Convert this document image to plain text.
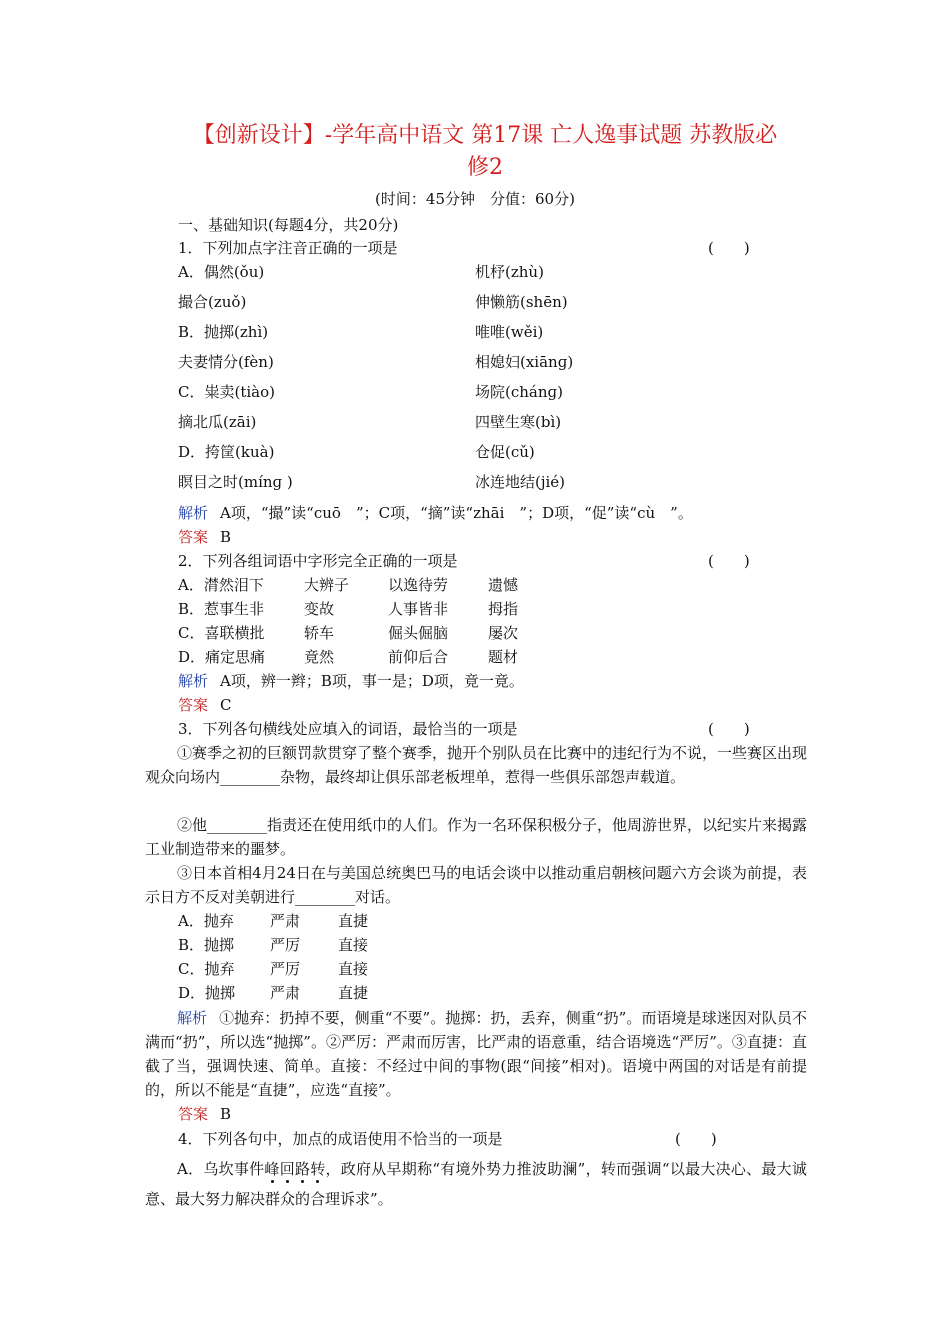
【创新设计】-学年高中语文 第17课 亡人逸事试题 苏教版必
修2
(时间：45分钟　分值：60分)
一、基础知识(每题4分，共20分)
1．下列加点字注音正确的一项是	(　　)
A．偶然(ǒu)	机杼(zhù)
撮合(zuǒ)	伸懒筋(shēn)
B．抛掷(zhì)	唯唯(wěi)
夫妻情分(fèn)	相媳妇(xiānɡ)
C．粜卖(tiào)	场院(chánɡ)
摘北瓜(zāi)	四壁生寒(bì)
D．挎筐(kuà)	仓促(cǔ)
瞑目之时(mínɡ )	冰连地结(jié)
解析 A项，“撮”读“cuō　”；C项，“摘”读“zhāi　”；D项，“促”读“cù　”。
答案 B
2．下列各组词语中字形完全正确的一项是	(　　)
A．潸然泪下	大辨子	以逸待劳	遗憾
B．惹事生非	变故	人事皆非	拇指
C．喜联横批	轿车	倔头倔脑	屡次
D．痛定思痛	竟然	前仰后合	题材
解析 A项，辨一辫；B项，事一是；D项，竟一竟。
答案 C
3．下列各句横线处应填入的词语，最恰当的一项是	(　　)
①赛季之初的巨额罚款贯穿了整个赛季，抛开个别队员在比赛中的违纪行为不说，一些赛区出现观众向场内________杂物，最终却让俱乐部老板埋单，惹得一些俱乐部怨声载道。
②他________指责还在使用纸巾的人们。作为一名环保积极分子，他周游世界，以纪实片来揭露工业制造带来的噩梦。
③日本首相4月24日在与美国总统奥巴马的电话会谈中以推动重启朝核问题六方会谈为前提，表示日方不反对美朝进行________对话。
A．抛弃 严肃	直捷
B．抛掷 严厉	直接
C．抛弃 严厉	直接
D．抛掷 严肃	直捷
解析 ①抛弃：扔掉不要，侧重“不要”。抛掷：扔，丢弃，侧重“扔”。而语境是球迷因对队员不满而“扔”，所以选“抛掷”。②严厉：严肃而厉害，比严肃的语意重，结合语境选“严厉”。③直捷：直截了当，强调快速、简单。直接：不经过中间的事物(跟“间接”相对)。语境中两国的对话是有前提的，所以不能是“直捷”，应选“直接”。
答案 B
4．下列各句中，加点的成语使用不恰当的一项是	(　　)
A．乌坎事件峰回路转，政府从早期称“有境外势力推波助澜”，转而强调“以最大决心、最大诚意、最大努力解决群众的合理诉求”。
